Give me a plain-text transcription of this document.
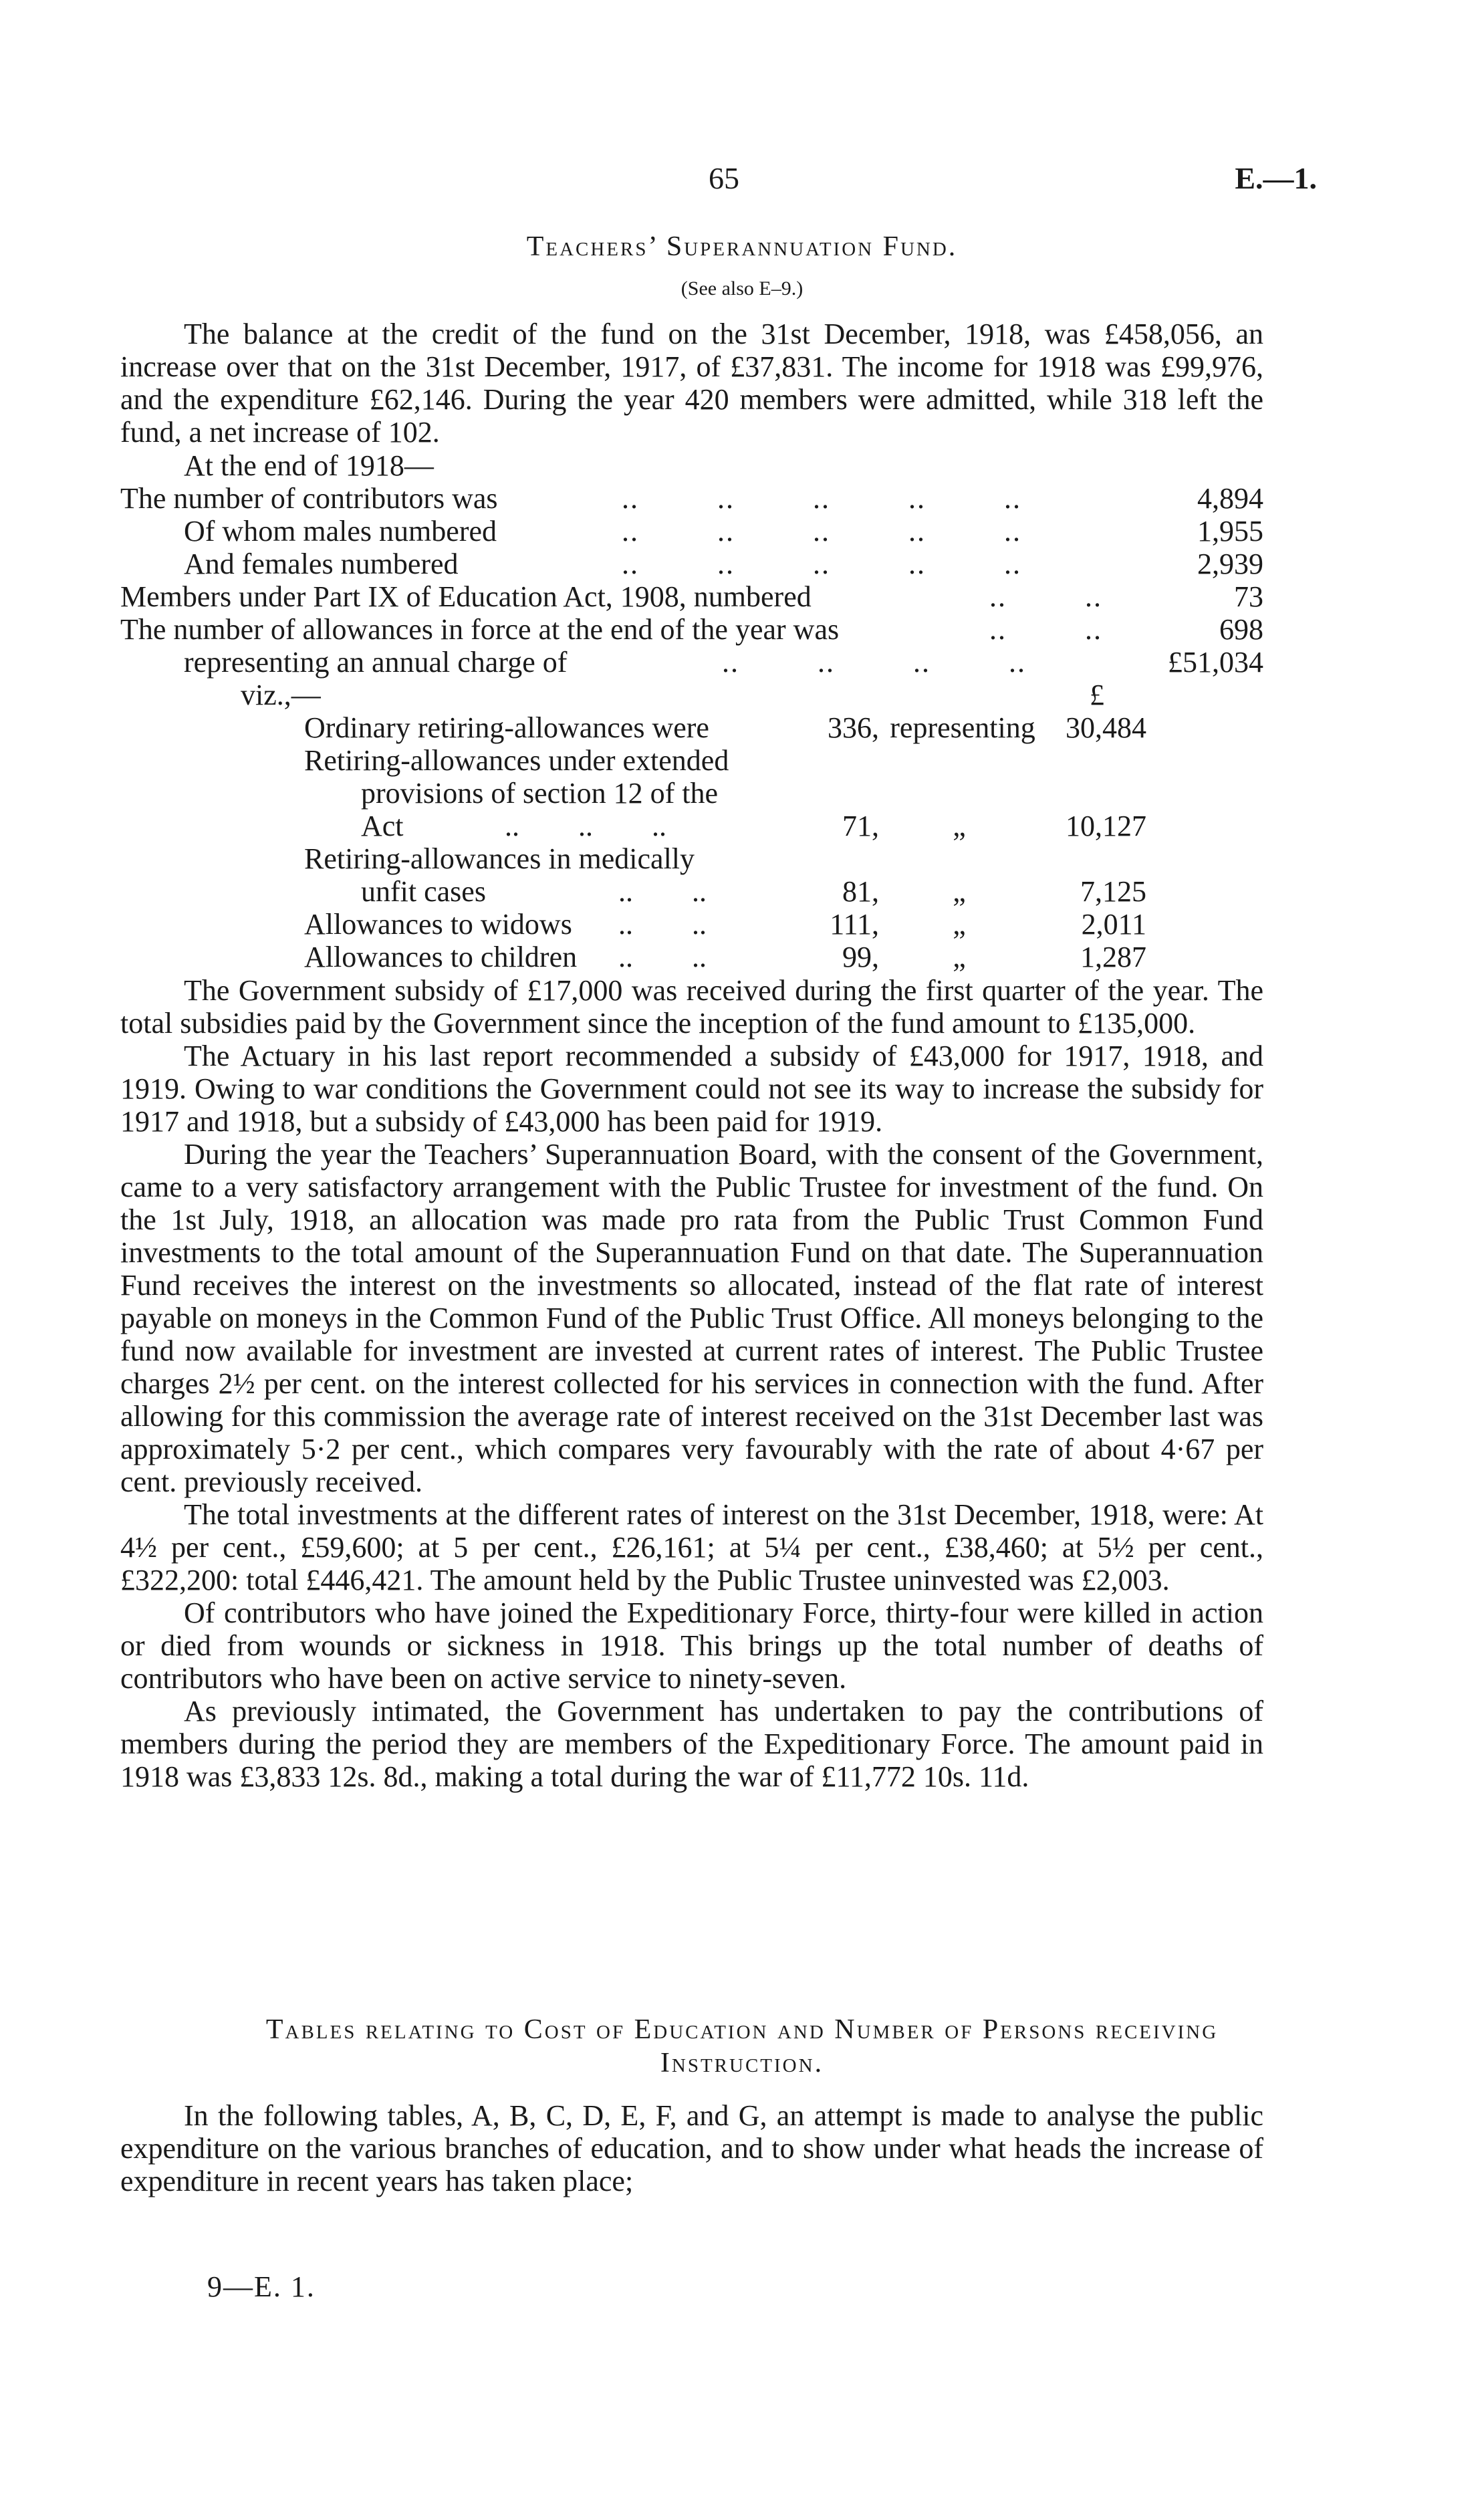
65	E.—1.
Teachers’ Superannuation Fund.
(See also E–9.)

The balance at the credit of the fund on the 31st December, 1918, was £458,056, an increase over that on the 31st December, 1917, of £37,831. The income for 1918 was £99,976, and the expenditure £62,146. During the year 420 members were admitted, while 318 left the fund, a net increase of 102.

At the end of 1918—
The number of contributors was	..         ..         ..         ..         ..	4,894
Of whom males numbered	..         ..         ..         ..         ..	1,955
And females numbered	..         ..         ..         ..         ..	2,939
Members under Part IX of Education Act, 1908, numbered	..         ..	73
The number of allowances in force at the end of the year was	..         ..	698
representing an annual charge of	..         ..         ..         ..	£51,034
viz.,—	£
Ordinary retiring-allowances were	336, representing	30,484
Retiring-allowances under extended
provisions of section 12 of the
Act	..        ..        ..	71,	„	10,127
Retiring-allowances in medically
unfit cases	..        ..	81,	„	7,125
Allowances to widows ..        ..	111,	„	2,011
Allowances to children ..        ..	99,	„	1,287

The Government subsidy of £17,000 was received during the first quarter of the year. The total subsidies paid by the Government since the inception of the fund amount to £135,000.

The Actuary in his last report recommended a subsidy of £43,000 for 1917, 1918, and 1919. Owing to war conditions the Government could not see its way to increase the subsidy for 1917 and 1918, but a subsidy of £43,000 has been paid for 1919.

During the year the Teachers’ Superannuation Board, with the consent of the Government, came to a very satisfactory arrangement with the Public Trustee for investment of the fund. On the 1st July, 1918, an allocation was made pro rata from the Public Trust Common Fund investments to the total amount of the Superannuation Fund on that date. The Superannuation Fund receives the interest on the investments so allocated, instead of the flat rate of interest payable on moneys in the Common Fund of the Public Trust Office. All moneys belonging to the fund now available for investment are invested at current rates of interest. The Public Trustee charges 2½ per cent. on the interest collected for his services in connection with the fund. After allowing for this commission the average rate of interest received on the 31st December last was approximately 5·2 per cent., which compares very favourably with the rate of about 4·67 per cent. previously received.

The total investments at the different rates of interest on the 31st December, 1918, were: At 4½ per cent., £59,600; at 5 per cent., £26,161; at 5¼ per cent., £38,460; at 5½ per cent., £322,200: total £446,421. The amount held by the Public Trustee uninvested was £2,003.

Of contributors who have joined the Expeditionary Force, thirty-four were killed in action or died from wounds or sickness in 1918. This brings up the total number of deaths of contributors who have been on active service to ninety-seven.

As previously intimated, the Government has undertaken to pay the contributions of members during the period they are members of the Expeditionary Force. The amount paid in 1918 was £3,833 12s. 8d., making a total during the war of £11,772 10s. 11d.

Tables relating to Cost of Education and Number of Persons receiving
Instruction.

In the following tables, A, B, C, D, E, F, and G, an attempt is made to analyse the public expenditure on the various branches of education, and to show under what heads the increase of expenditure in recent years has taken place;

9—E. 1.
